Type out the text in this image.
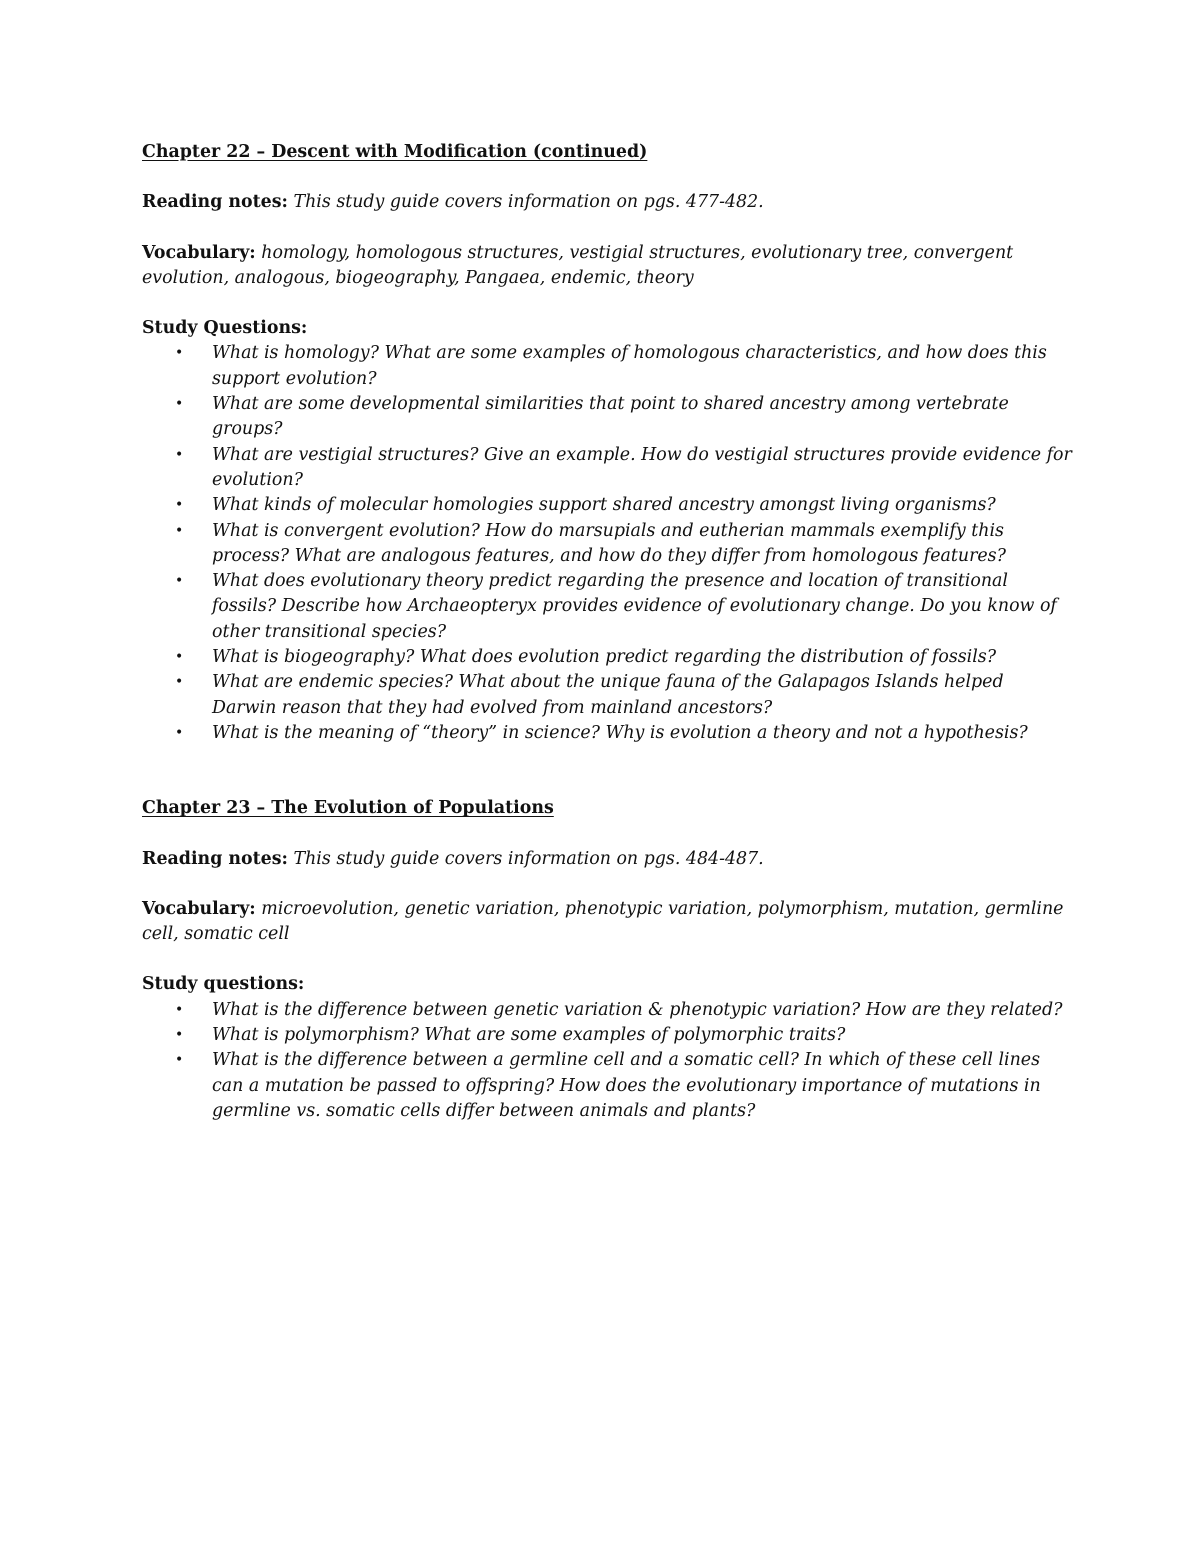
Chapter 22 – Descent with Modification (continued)

Reading notes: This study guide covers information on pgs. 477-482.

Vocabulary: homology, homologous structures, vestigial structures, evolutionary tree, convergent evolution, analogous, biogeography, Pangaea, endemic, theory

Study Questions:

• What is homology? What are some examples of homologous characteristics, and how does this support evolution?
• What are some developmental similarities that point to shared ancestry among vertebrate groups?
• What are vestigial structures? Give an example. How do vestigial structures provide evidence for evolution?
• What kinds of molecular homologies support shared ancestry amongst living organisms?
• What is convergent evolution? How do marsupials and eutherian mammals exemplify this process? What are analogous features, and how do they differ from homologous features?
• What does evolutionary theory predict regarding the presence and location of transitional fossils? Describe how Archaeopteryx provides evidence of evolutionary change. Do you know of other transitional species?
• What is biogeography? What does evolution predict regarding the distribution of fossils?
• What are endemic species? What about the unique fauna of the Galapagos Islands helped Darwin reason that they had evolved from mainland ancestors?
• What is the meaning of “theory” in science? Why is evolution a theory and not a hypothesis?

Chapter 23 – The Evolution of Populations

Reading notes: This study guide covers information on pgs. 484-487.

Vocabulary: microevolution, genetic variation, phenotypic variation, polymorphism, mutation, germline cell, somatic cell

Study questions:

• What is the difference between genetic variation & phenotypic variation? How are they related?
• What is polymorphism? What are some examples of polymorphic traits?
• What is the difference between a germline cell and a somatic cell? In which of these cell lines can a mutation be passed to offspring? How does the evolutionary importance of mutations in germline vs. somatic cells differ between animals and plants?
